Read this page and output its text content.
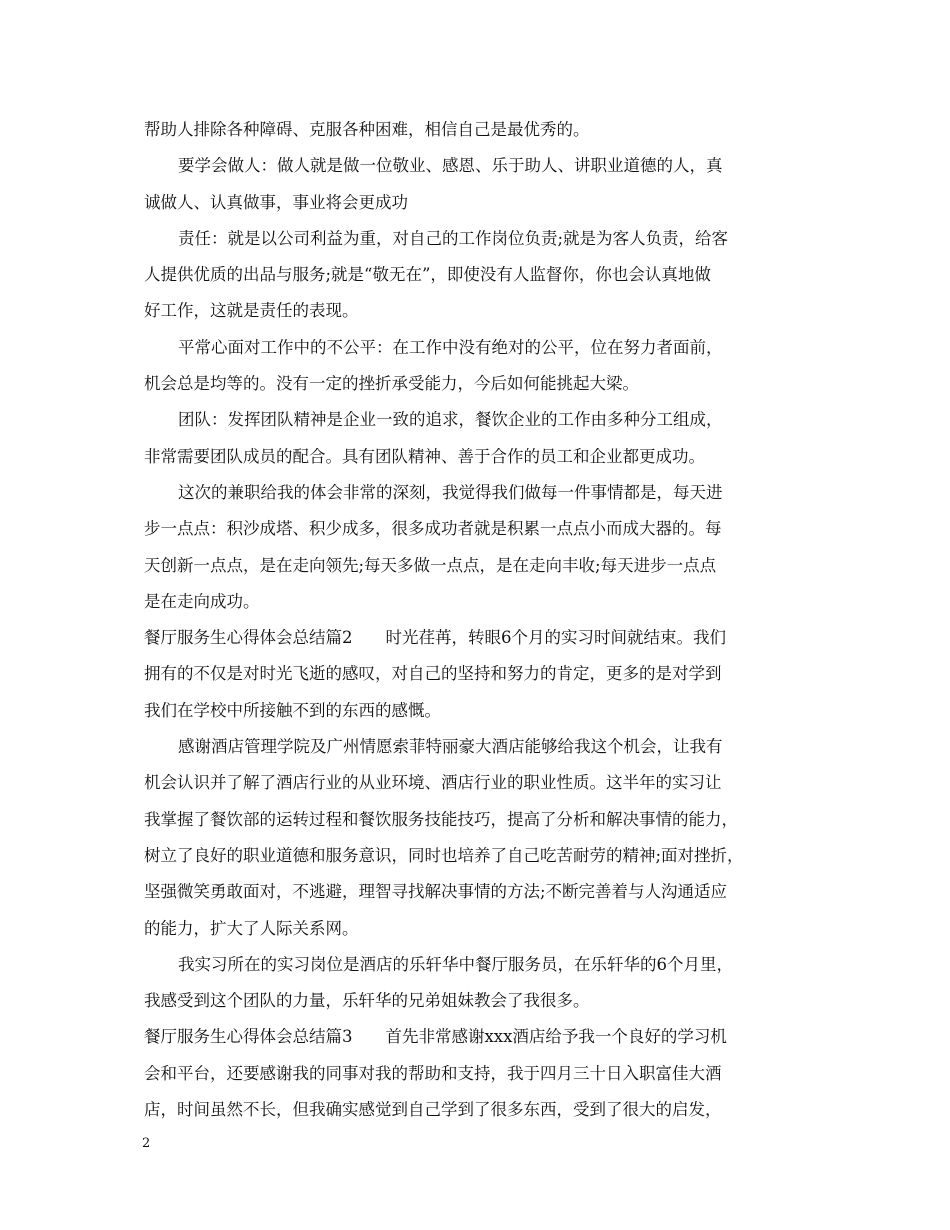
帮助人排除各种障碍、克服各种困难，相信自己是最优秀的。
要学会做人：做人就是做一位敬业、感恩、乐于助人、讲职业道德的人，真
诚做人、认真做事，事业将会更成功
责任：就是以公司利益为重，对自己的工作岗位负责;就是为客人负责，给客
人提供优质的出品与服务;就是“敬无在”，即使没有人监督你，你也会认真地做
好工作，这就是责任的表现。
平常心面对工作中的不公平：在工作中没有绝对的公平，位在努力者面前，
机会总是均等的。没有一定的挫折承受能力，今后如何能挑起大梁。
团队：发挥团队精神是企业一致的追求，餐饮企业的工作由多种分工组成，
非常需要团队成员的配合。具有团队精神、善于合作的员工和企业都更成功。
这次的兼职给我的体会非常的深刻，我觉得我们做每一件事情都是，每天进
步一点点：积沙成塔、积少成多，很多成功者就是积累一点点小而成大器的。每
天创新一点点，是在走向领先;每天多做一点点，是在走向丰收;每天进步一点点
是在走向成功。
餐厅服务生心得体会总结篇2　　时光荏苒，转眼6个月的实习时间就结束。我们
拥有的不仅是对时光飞逝的感叹，对自己的坚持和努力的肯定，更多的是对学到
我们在学校中所接触不到的东西的感慨。
感谢酒店管理学院及广州情愿索菲特丽豪大酒店能够给我这个机会，让我有
机会认识并了解了酒店行业的从业环境、酒店行业的职业性质。这半年的实习让
我掌握了餐饮部的运转过程和餐饮服务技能技巧，提高了分析和解决事情的能力，
树立了良好的职业道德和服务意识，同时也培养了自己吃苦耐劳的精神;面对挫折，
坚强微笑勇敢面对，不逃避，理智寻找解决事情的方法;不断完善着与人沟通适应
的能力，扩大了人际关系网。
我实习所在的实习岗位是酒店的乐轩华中餐厅服务员，在乐轩华的6个月里，
我感受到这个团队的力量，乐轩华的兄弟姐妹教会了我很多。
餐厅服务生心得体会总结篇3　　首先非常感谢xxx酒店给予我一个良好的学习机
会和平台，还要感谢我的同事对我的帮助和支持，我于四月三十日入职富佳大酒
店，时间虽然不长，但我确实感觉到自己学到了很多东西，受到了很大的启发，
2
